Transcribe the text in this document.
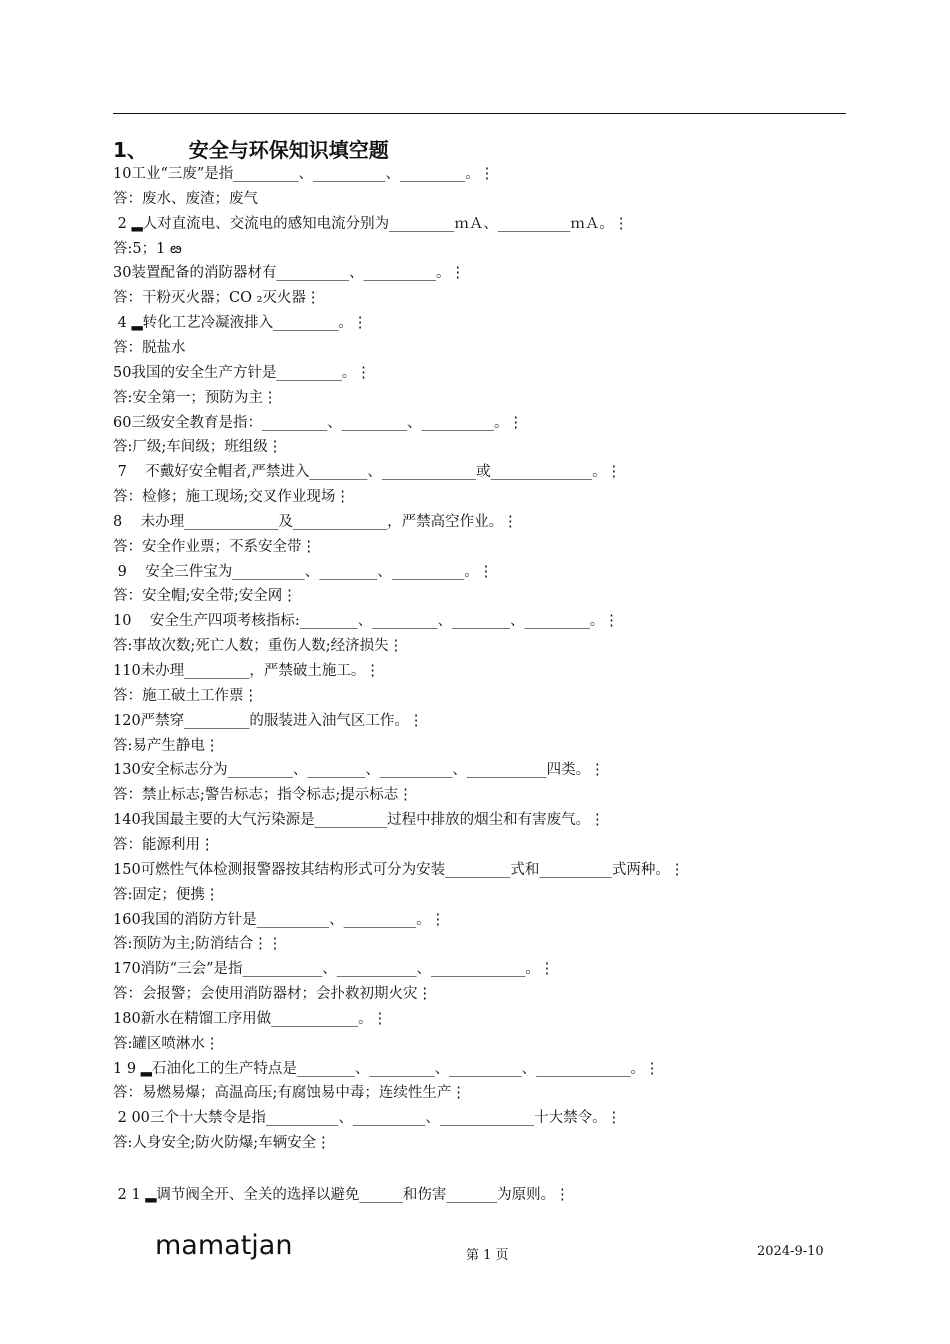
1、      安全与环保知识填空题
10工业“三废”是指_________、__________、_________。⋮
答：废水、废渣；废气
2 ▂人对直流电、交流电的感知电流分别为_________ｍＡ、__________ｍＡ。⋮
答:5；1 ఴ
30装置配备的消防器材有__________、__________。⋮
答：干粉灭火器；CO ₂灭火器⋮
4 ▂转化工艺冷凝液排入_________。⋮
答：脱盐水
50我国的安全生产方针是_________。⋮
答:安全第一；预防为主⋮
60三级安全教育是指：_________、_________、__________。⋮
答:厂级;车间级；班组级⋮
7    不戴好安全帽者,严禁进入________、_____________或______________。⋮
答：检修；施工现场;交叉作业现场⋮
8    未办理_____________及_____________，严禁高空作业。⋮
答：安全作业票；不系安全带⋮
9    安全三件宝为__________、________、__________。⋮
答：安全帽;安全带;安全网⋮
10    安全生产四项考核指标:________、_________、________、_________。⋮
答:事故次数;死亡人数；重伤人数;经济损失⋮
110未办理_________，严禁破土施工。⋮
答：施工破土工作票⋮
120严禁穿_________的服装进入油气区工作。⋮
答:易产生静电⋮
130安全标志分为_________、________、__________、___________四类。⋮
答：禁止标志;警告标志；指令标志;提示标志⋮
140我国最主要的大气污染源是__________过程中排放的烟尘和有害废气。⋮
答：能源利用⋮
150可燃性气体检测报警器按其结构形式可分为安装_________式和__________式两种。⋮
答:固定；便携⋮
160我国的消防方针是__________、__________。⋮
答:预防为主;防消结合⋮⋮
170消防“三会”是指___________、___________、_____________。⋮
答：会报警；会使用消防器材；会扑救初期火灾⋮
180新水在精馏工序用做____________。⋮
答:罐区喷淋水⋮
1 9 ▂石油化工的生产特点是________、_________、__________、_____________。⋮
答：易燃易爆；高温高压;有腐蚀易中毒；连续性生产⋮
2 00三个十大禁令是指__________、__________、_____________十大禁令。⋮
答:人身安全;防火防爆;车辆安全⋮
2 1 ▂调节阀全开、全关的选择以避免______和伤害_______为原则。⋮
mamatjan	第 1 页	2024-9-10
